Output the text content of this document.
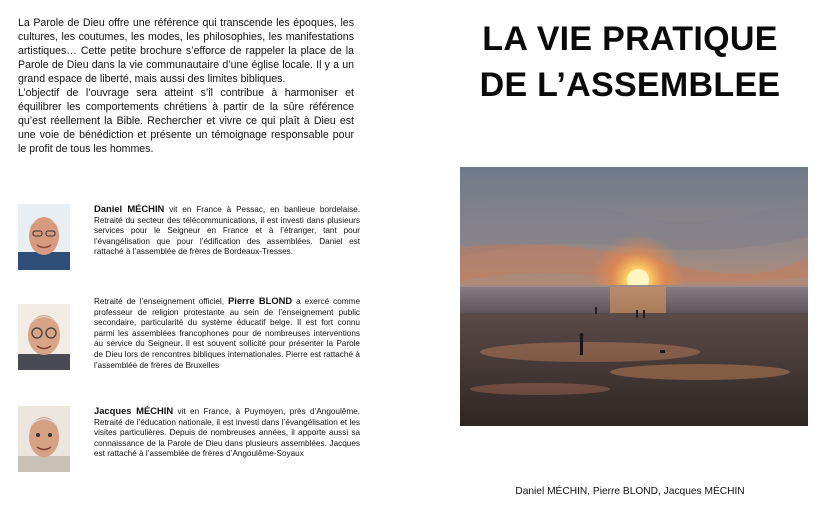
La Parole de Dieu offre une référence qui transcende les époques, les cultures, les coutumes, les modes, les philosophies, les manifestations artistiques… Cette petite brochure s’efforce de rappeler la place de la Parole de Dieu dans la vie communautaire d’une église locale. Il y a un grand espace de liberté, mais aussi des limites bibliques.

L’objectif de l’ouvrage sera atteint s’il contribue à harmoniser et équilibrer les comportements chrétiens à partir de la sûre référence qu’est réellement la Bible. Rechercher et vivre ce qui plaît à Dieu est une voie de bénédiction et présente un témoignage responsable pour le profit de tous les hommes.

Daniel MÉCHIN vit en France à Pessac, en banlieue bordelaise. Retraité du secteur des télécommunications, il est investi dans plusieurs services pour le Seigneur en France et à l’étranger, tant pour l’évangélisation que pour l’édification des assemblées. Daniel est rattaché à l’assemblée de frères de Bordeaux-Tresses.
Retraité de l’enseignement officiel, Pierre BLOND a exercé comme professeur de religion protestante au sein de l’enseignement public secondaire, particularité du système éducatif belge. Il est fort connu parmi les assemblées francophones pour de nombreuses interventions au service du Seigneur. Il est souvent sollicité pour présenter la Parole de Dieu lors de rencontres bibliques internationales. Pierre est rattaché à l’assemblée de frères de Bruxelles
Jacques MÉCHIN vit en France, à Puymoyen, près d’Angoulême. Retraité de l’éducation nationale, il est investi dans l’évangélisation et les visites particulières. Depuis de nombreuses années, il apporte aussi sa connaissance de la Parole de Dieu dans plusieurs assemblées. Jacques est rattaché à l’assemblée de frères d’Angoulême-Soyaux
LA VIE PRATIQUE
DE L’ASSEMBLEE
Daniel MÉCHIN, Pierre BLOND, Jacques MÉCHIN
